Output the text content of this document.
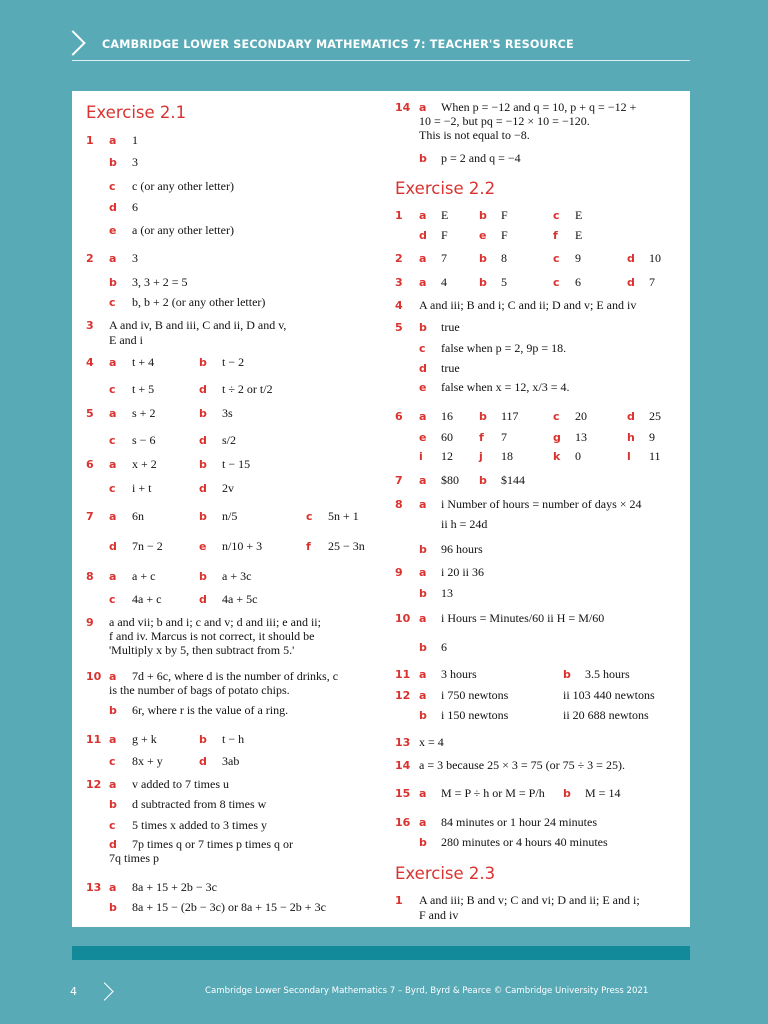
CAMBRIDGE LOWER SECONDARY MATHEMATICS 7: TEACHER'S RESOURCE
Exercise 2.1
1 a 1
b 3
c c (or any other letter)
d 6
e a (or any other letter)
2 a 3
b 3, 3 + 2 = 5
c b, b + 2 (or any other letter)
3 A and iv, B and iii, C and ii, D and v,
E and i
4 a t + 4	b t − 2
c t + 5	d t ÷ 2 or t/2
5 a s + 2	b 3s
c s − 6	d s/2
6 a x + 2	b t − 15
c i + t	d 2v
7 a 6n	b n/5	c 5n + 1
d 7n − 2	e n/10 + 3	f 25 − 3n
8 a a + c	b a + 3c
c 4a + c	d 4a + 5c
9 a and vii; b and i; c and v; d and iii; e and ii;
f and iv. Marcus is not correct, it should be
'Multiply x by 5, then subtract from 5.'
10 a 7d + 6c, where d is the number of drinks, c
is the number of bags of potato chips.
b 6r, where r is the value of a ring.
11 a g + k	b t − h
c 8x + y	d 3ab
12 a v added to 7 times u
b d subtracted from 8 times w
c 5 times x added to 3 times y
d 7p times q or 7 times p times q or
7q times p
13 a 8a + 15 + 2b − 3c
b 8a + 15 − (2b − 3c) or 8a + 15 − 2b + 3c
14 a When p = −12 and q = 10, p + q = −12 +
10 = −2, but pq = −12 × 10 = −120.
This is not equal to −8.
b p = 2 and q = −4
Exercise 2.2
1 a E	b F	c E
d F	e F	f E
2 a 7	b 8	c 9	d 10
3 a 4	b 5	c 6	d 7
4 A and iii; B and i; C and ii; D and v; E and iv
5 b true
c false when p = 2, 9p = 18.
d true
e false when x = 12, x/3 = 4.
6 a 16 b 117	c 20	d 25
e 60 f 7	g 13	h 9
i 12 j 18	k 0	l 11
7 a $80 b $144
8 a i Number of hours = number of days × 24
ii h = 24d
b 96 hours
9 a i 20 ii 36
b 13
10 a i Hours = Minutes/60 ii H = M/60
b 6
11 a 3 hours	b 3.5 hours
12 a i 750 newtons	ii 103 440 newtons
b i 150 newtons	ii 20 688 newtons
13 x = 4
14 a = 3 because 25 × 3 = 75 (or 75 ÷ 3 = 25).
15 a M = P ÷ h or M = P/h b M = 14
16 a 84 minutes or 1 hour 24 minutes
b 280 minutes or 4 hours 40 minutes
Exercise 2.3
1 A and iii; B and v; C and vi; D and ii; E and i;
F and iv
4	Cambridge Lower Secondary Mathematics 7 – Byrd, Byrd & Pearce © Cambridge University Press 2021
